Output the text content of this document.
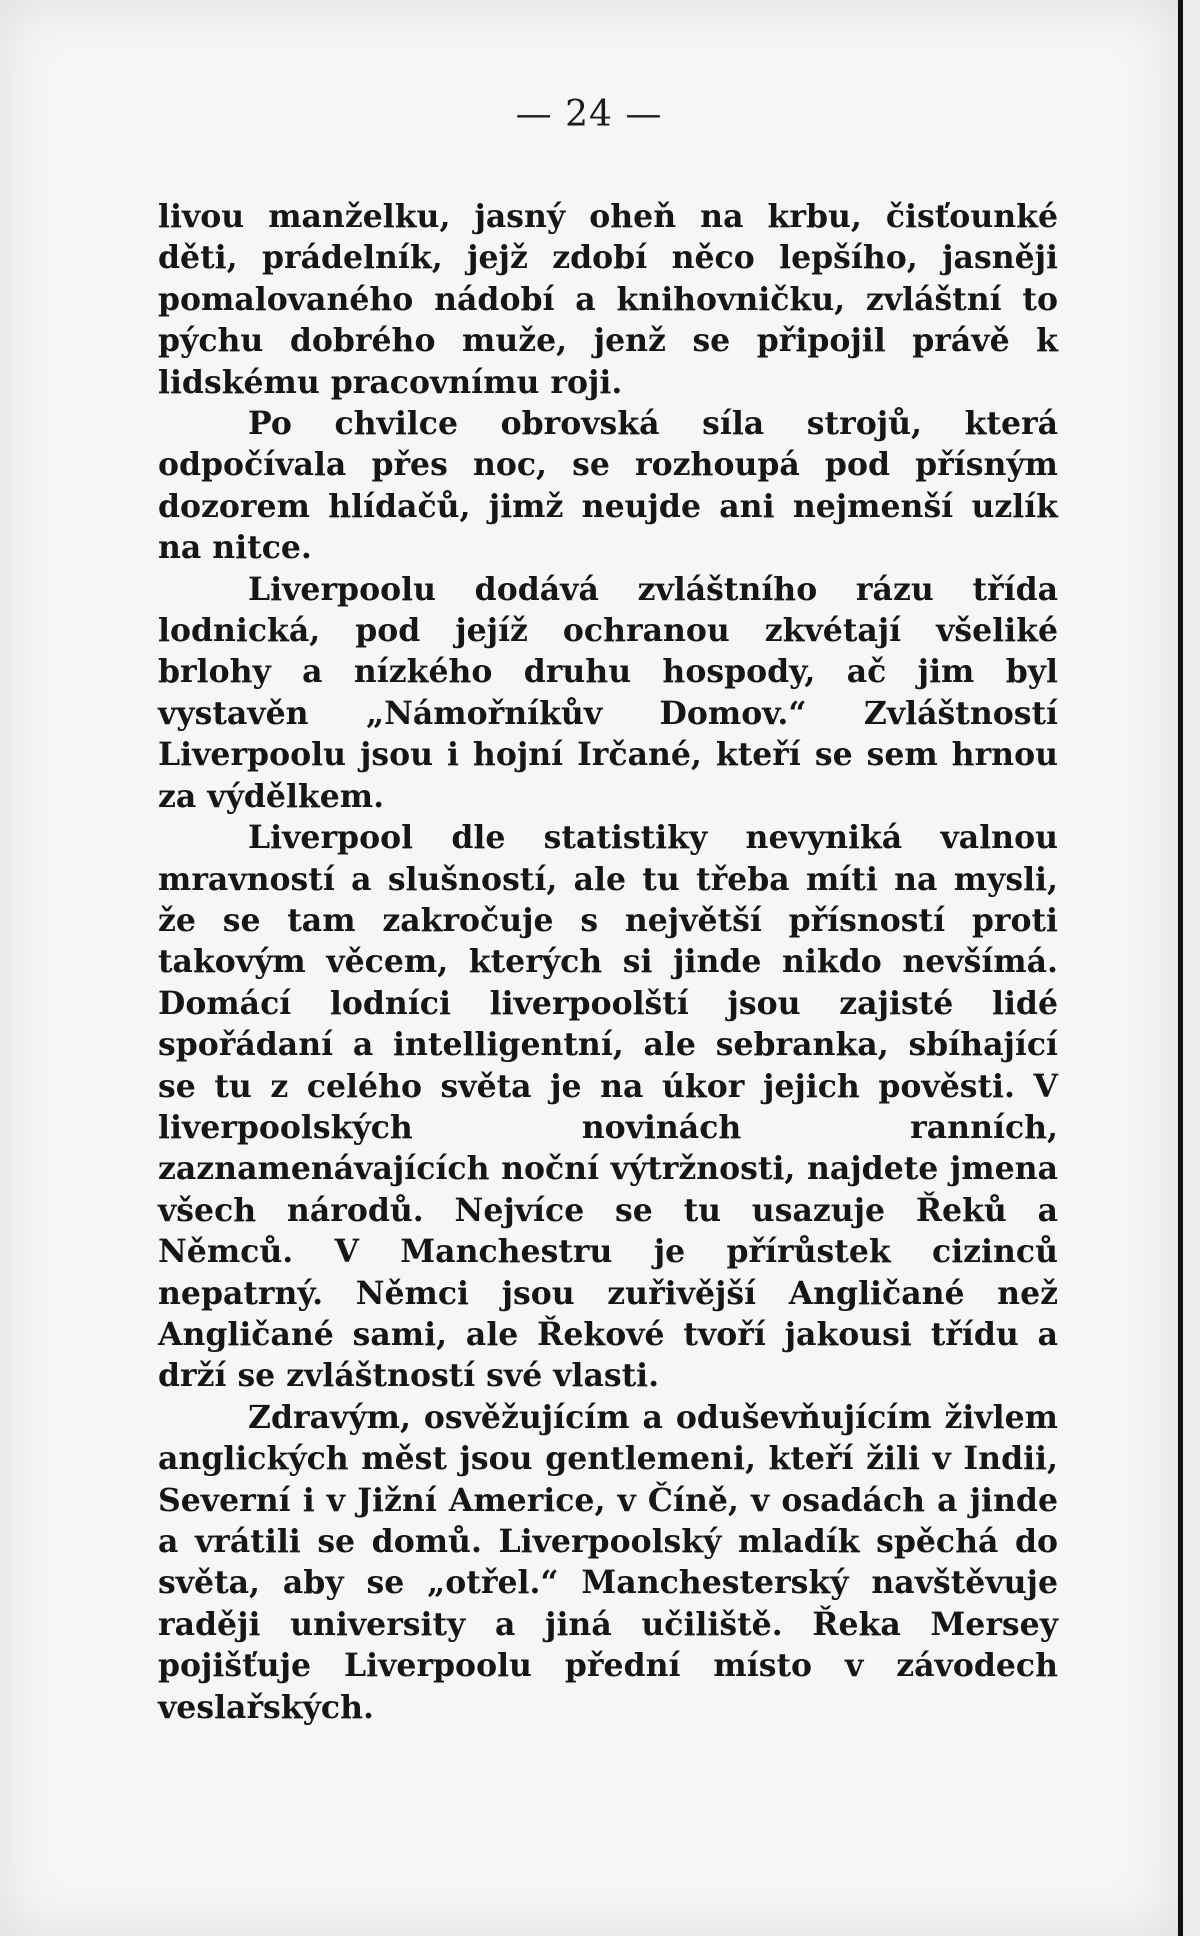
— 24 —

livou manželku, jasný oheň na krbu, čisťounké děti, prádelník, jejž zdobí něco lepšího, jasněji pomalovaného nádobí a knihovničku, zvláštní to pýchu dobrého muže, jenž se připojil právě k lidskému pracovnímu roji.

Po chvilce obrovská síla strojů, která odpočívala přes noc, se rozhoupá pod přísným dozorem hlídačů, jimž neujde ani nejmenší uzlík na nitce.

Liverpoolu dodává zvláštního rázu třída lodnická, pod jejíž ochranou zkvétají všeliké brlohy a nízkého druhu hospody, ač jim byl vystavěn „Námořníkův Domov.“ Zvláštností Liverpoolu jsou i hojní Irčané, kteří se sem hrnou za výdělkem.

Liverpool dle statistiky nevyniká valnou mravností a slušností, ale tu třeba míti na mysli, že se tam zakročuje s největší přísností proti takovým věcem, kterých si jinde nikdo nevšímá. Domácí lodníci liverpoolští jsou zajisté lidé spořádaní a intelligentní, ale sebranka, sbíhající se tu z celého světa je na úkor jejich pověsti. V liverpoolských novinách ranních, zaznamenávajících noční výtržnosti, najdete jmena všech národů. Nejvíce se tu usazuje Řeků a Němců. V Manchestru je přírůstek cizinců nepatrný. Němci jsou zuřivější Angličané než Angličané sami, ale Řekové tvoří jakousi třídu a drží se zvláštností své vlasti.

Zdravým, osvěžujícím a oduševňujícím živlem anglických měst jsou gentlemeni, kteří žili v Indii, Severní i v Jižní Americe, v Číně, v osadách a jinde a vrátili se domů. Liverpoolský mladík spěchá do světa, aby se „otřel.“ Manchesterský navštěvuje raději university a jiná učiliště. Řeka Mersey pojišťuje Liverpoolu přední místo v závodech veslařských.
